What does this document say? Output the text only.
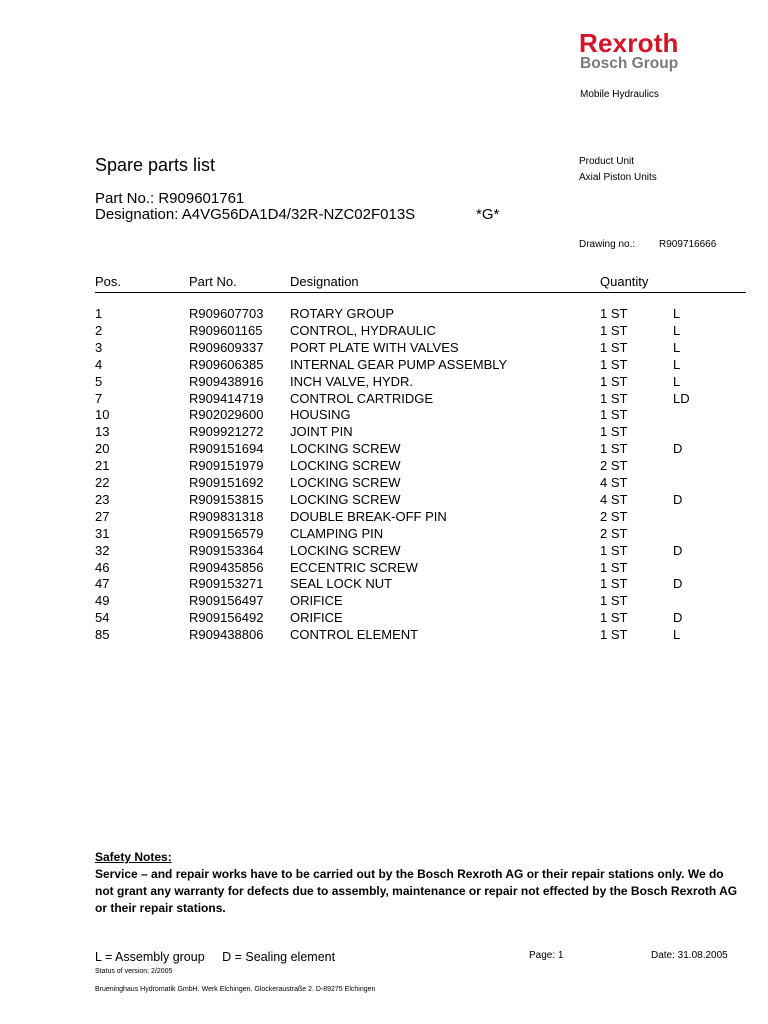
Rexroth
Bosch Group
Mobile Hydraulics
Spare parts list	Product Unit
Axial Piston Units
Part No.: R909601761
Designation: A4VG56DA1D4/32R-NZC02F013S	*G*
Drawing no.: R909716666
Pos.	Part No.	Designation	Quantity
1	R909607703 ROTARY GROUP	1 ST	L
2	R909601165 CONTROL, HYDRAULIC	1 ST	L
3	R909609337 PORT PLATE WITH VALVES	1 ST	L
4	R909606385 INTERNAL GEAR PUMP ASSEMBLY	1 ST	L
5	R909438916 INCH VALVE, HYDR.	1 ST	L
7	R909414719 CONTROL CARTRIDGE	1 ST	LD
10	R902029600 HOUSING	1 ST
13	R909921272 JOINT PIN	1 ST
20	R909151694 LOCKING SCREW	1 ST	D
21	R909151979 LOCKING SCREW	2 ST
22	R909151692 LOCKING SCREW	4 ST
23	R909153815 LOCKING SCREW	4 ST	D
27	R909831318 DOUBLE BREAK-OFF PIN	2 ST
31	R909156579 CLAMPING PIN	2 ST
32	R909153364 LOCKING SCREW	1 ST	D
46	R909435856 ECCENTRIC SCREW	1 ST
47	R909153271 SEAL LOCK NUT	1 ST	D
49	R909156497 ORIFICE	1 ST
54	R909156492 ORIFICE	1 ST	D
85	R909438806 CONTROL ELEMENT	1 ST	L
Safety Notes:
Service – and repair works have to be carried out by the Bosch Rexroth AG or their repair stations only. We do not grant any warranty for defects due to assembly, maintenance or repair not effected by the Bosch Rexroth AG or their repair stations.
L = Assembly group D = Sealing element	Page: 1	Date: 31.08.2005
Status of version: 2/2005
Brueninghaus Hydromatik GmbH. Werk Elchingen. Glockeraustraße 2. D-89275 Elchingen
